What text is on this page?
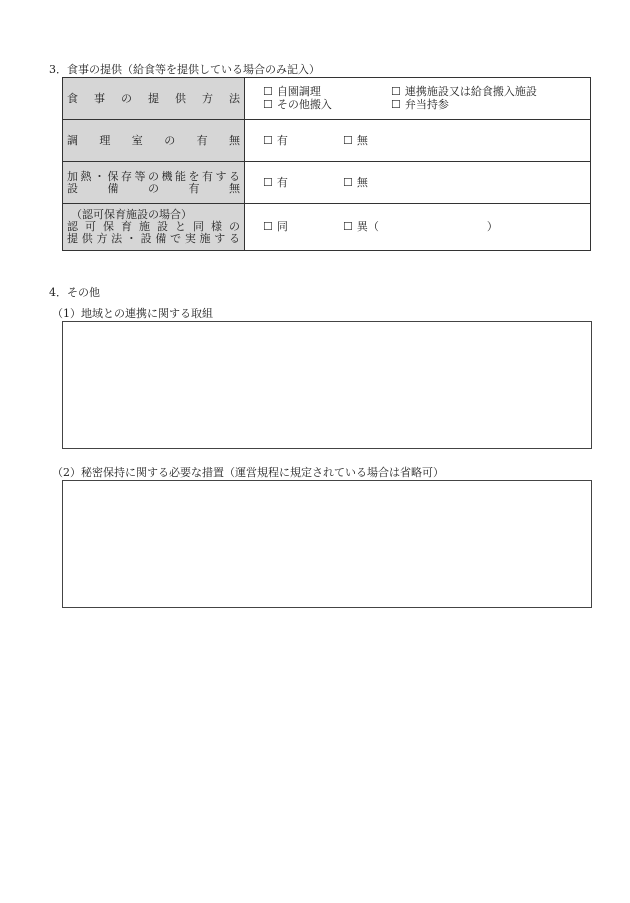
3．食事の提供（給食等を提供している場合のみ記入）
食 事 の 提 供 方 法	☐ 自園調理 ☐ 連携施設又は給食搬入施設
☐ その他搬入 ☐ 弁当持参

調 理 室 の 有 無	☐ 有 ☐ 無

加熱・保存等の機能を有する
設 備 の 有 無	☐ 有 ☐ 無

（認可保育施設の場合）
認可保育施設と同様の
提供方法・設備で実施する	☐ 同 ☐ 異（ ）
4．その他
（1）地域との連携に関する取組
（2）秘密保持に関する必要な措置（運営規程に規定されている場合は省略可）
